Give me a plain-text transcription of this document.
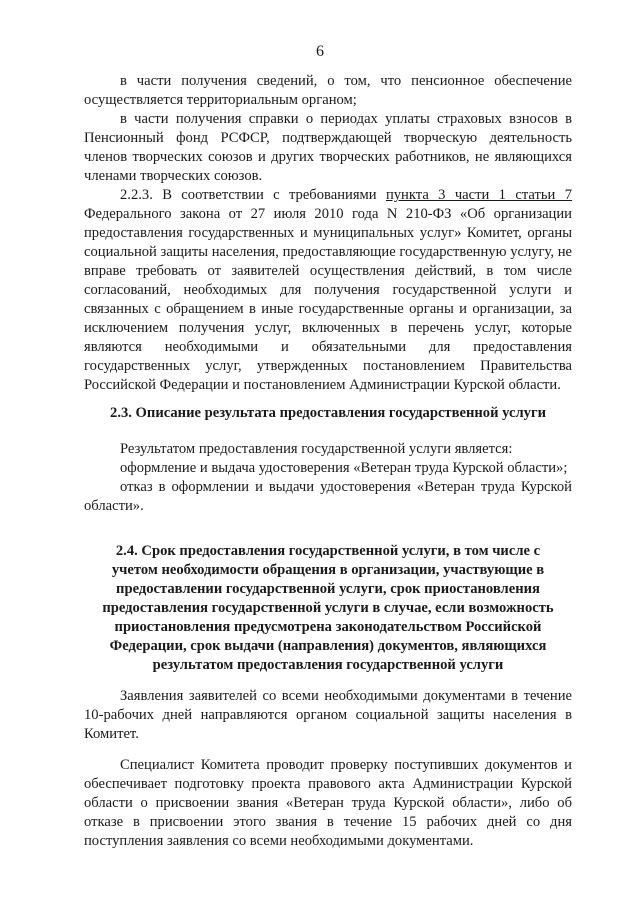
6

в части получения сведений, о том, что пенсионное обеспечение осуществляется территориальным органом;

в части получения справки о периодах уплаты страховых взносов в Пенсионный фонд РСФСР, подтверждающей творческую деятельность членов творческих союзов и других творческих работников, не являющихся членами творческих союзов.

2.2.3. В соответствии с требованиями пункта 3 части 1 статьи 7 Федерального закона от 27 июля 2010 года N 210-ФЗ «Об организации предоставления государственных и муниципальных услуг» Комитет, органы социальной защиты населения, предоставляющие государственную услугу, не вправе требовать от заявителей осуществления действий, в том числе согласований, необходимых для получения государственной услуги и связанных с обращением в иные государственные органы и организации, за исключением получения услуг, включенных в перечень услуг, которые являются необходимыми и обязательными для предоставления государственных услуг, утвержденных постановлением Правительства Российской Федерации и постановлением Администрации Курской области.

2.3. Описание результата предоставления государственной услуги

Результатом предоставления государственной услуги является:

оформление и выдача удостоверения «Ветеран труда Курской области»;

отказ в оформлении и выдачи удостоверения «Ветеран труда Курской области».

2.4. Срок предоставления государственной услуги, в том числе с учетом необходимости обращения в организации, участвующие в предоставлении государственной услуги, срок приостановления предоставления государственной услуги в случае, если возможность приостановления предусмотрена законодательством Российской Федерации, срок выдачи (направления) документов, являющихся результатом предоставления государственной услуги

Заявления заявителей со всеми необходимыми документами в течение 10-рабочих дней направляются органом социальной защиты населения в Комитет.

Специалист Комитета проводит проверку поступивших документов и обеспечивает подготовку проекта правового акта Администрации Курской области о присвоении звания «Ветеран труда Курской области», либо об отказе в присвоении этого звания в течение 15 рабочих дней со дня поступления заявления со всеми необходимыми документами.
